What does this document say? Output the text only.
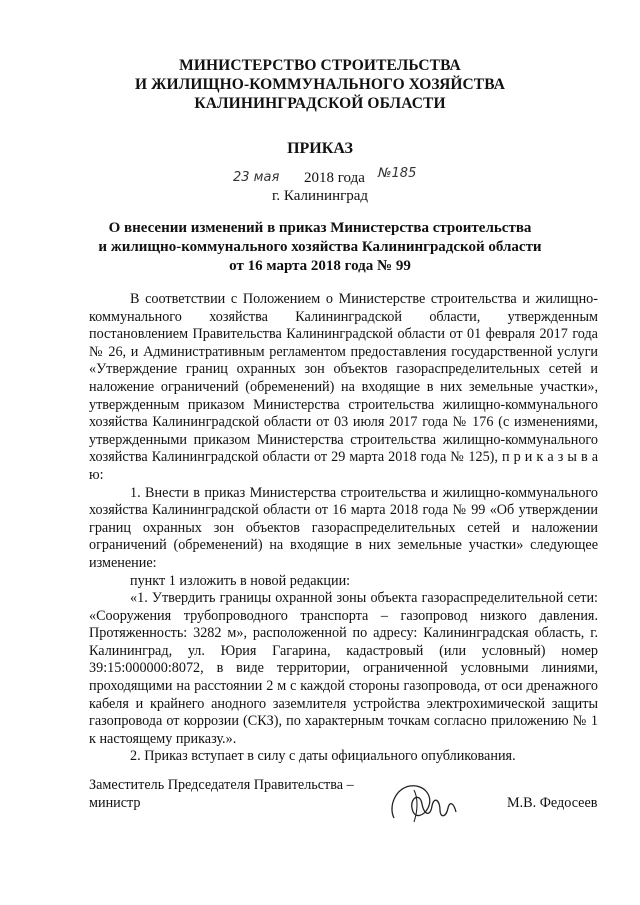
МИНИСТЕРСТВО СТРОИТЕЛЬСТВА
И ЖИЛИЩНО-КОММУНАЛЬНОГО ХОЗЯЙСТВА
КАЛИНИНГРАДСКОЙ ОБЛАСТИ
ПРИКАЗ
23 мая 2018 года №185
г. Калининград
О внесении изменений в приказ Министерства строительства
и жилищно-коммунального хозяйства Калининградской области
от 16 марта 2018 года № 99

В соответствии с Положением о Министерстве строительства и жилищно-коммунального хозяйства Калининградской области, утвержденным постановлением Правительства Калининградской области от 01 февраля 2017 года № 26, и Административным регламентом предоставления государственной услуги «Утверждение границ охранных зон объектов газораспределительных сетей и наложение ограничений (обременений) на входящие в них земельные участки», утвержденным приказом Министерства строительства жилищно-коммунального хозяйства Калининградской области от 03 июля 2017 года № 176 (с изменениями, утвержденными приказом Министерства строительства жилищно-коммунального хозяйства Калининградской области от 29 марта 2018 года № 125), п р и к а з ы в а ю:

1. Внести в приказ Министерства строительства и жилищно-коммунального хозяйства Калининградской области от 16 марта 2018 года № 99 «Об утверждении границ охранных зон объектов газораспределительных сетей и наложении ограничений (обременений) на входящие в них земельные участки» следующее изменение:

пункт 1 изложить в новой редакции:

«1. Утвердить границы охранной зоны объекта газораспределительной сети: «Сооружения трубопроводного транспорта – газопровод низкого давления. Протяженность: 3282 м», расположенной по адресу: Калининградская область, г. Калининград, ул. Юрия Гагарина, кадастровый (или условный) номер 39:15:000000:8072, в виде территории, ограниченной условными линиями, проходящими на расстоянии 2 м с каждой стороны газопровода, от оси дренажного кабеля и крайнего анодного заземлителя устройства электрохимической защиты газопровода от коррозии (СКЗ), по характерным точкам согласно приложению № 1 к настоящему приказу.».

2. Приказ вступает в силу с даты официального опубликования.

Заместитель Председателя Правительства –
министр	М.В. Федосеев
